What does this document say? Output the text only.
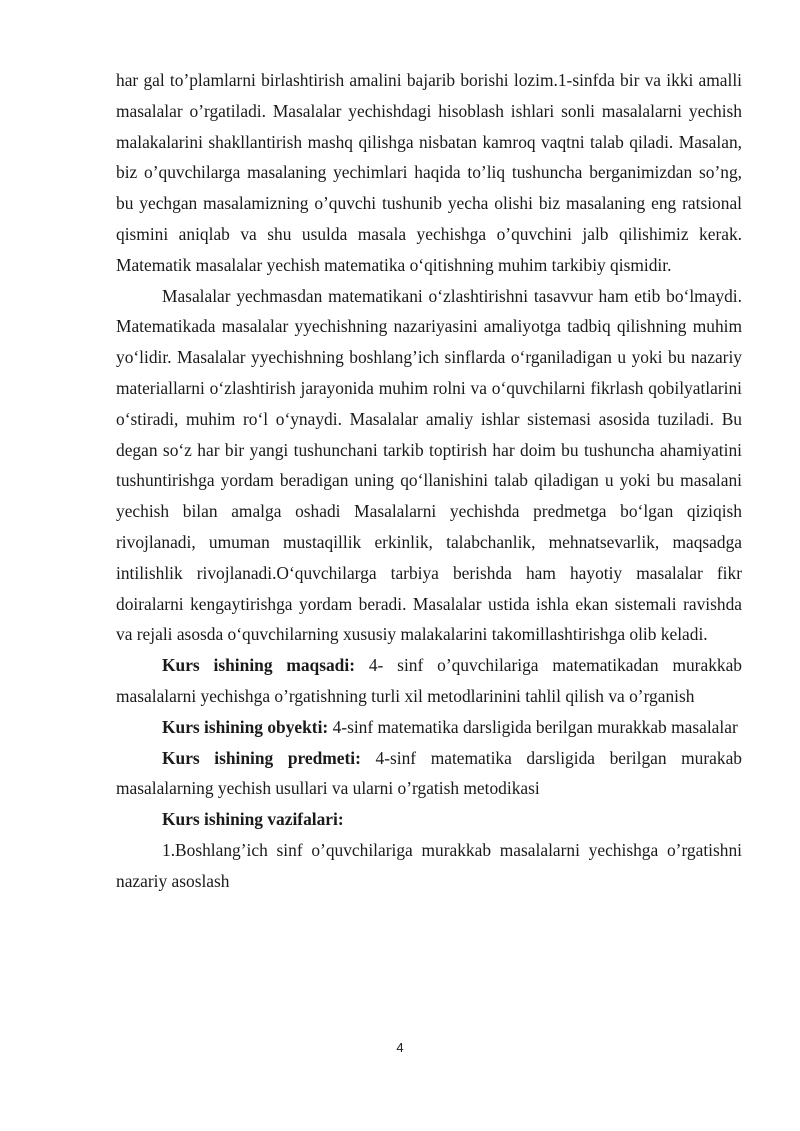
har gal to’plamlarni birlashtirish amalini bajarib borishi lozim.1-sinfda bir va ikki amalli masalalar o’rgatiladi. Masalalar yechishdagi hisoblash ishlari sonli masalalarni yechish malakalarini shakllantirish mashq qilishga nisbatan kamroq vaqtni talab qiladi. Masalan, biz o’quvchilarga masalaning yechimlari haqida to’liq tushuncha berganimizdan so’ng, bu yechgan masalamizning o’quvchi tushunib yecha olishi biz masalaning eng ratsional qismini aniqlab va shu usulda masala yechishga o’quvchini jalb qilishimiz kerak. Matematik masalalar yechish matematika o‘qitishning muhim tarkibiy qismidir.

Masalalar yechmasdan matematikani o‘zlashtirishni tasavvur ham etib bo‘lmaydi. Matematikada masalalar yyechishning nazariyasini amaliyotga tadbiq qilishning muhim yo‘lidir. Masalalar yyechishning boshlang’ich sinflarda o‘rganiladigan u yoki bu nazariy materiallarni o‘zlashtirish jarayonida muhim rolni va o‘quvchilarni fikrlash qobilyatlarini o‘stiradi, muhim ro‘l o‘ynaydi. Masalalar amaliy ishlar sistemasi asosida tuziladi. Bu degan so‘z har bir yangi tushunchani tarkib toptirish har doim bu tushuncha ahamiyatini tushuntirishga yordam beradigan uning qo‘llanishini talab qiladigan u yoki bu masalani yechish bilan amalga oshadi Masalalarni yechishda predmetga bo‘lgan qiziqish rivojlanadi, umuman mustaqillik erkinlik, talabchanlik, mehnatsevarlik, maqsadga intilishlik rivojlanadi.O‘quvchilarga tarbiya berishda ham hayotiy masalalar fikr doiralarni kengaytirishga yordam beradi. Masalalar ustida ishla ekan sistemali ravishda va rejali asosda o‘quvchilarning xususiy malakalarini takomillashtirishga olib keladi.

Kurs ishining maqsadi: 4- sinf o’quvchilariga matematikadan murakkab masalalarni yechishga o’rgatishning turli xil metodlarinini tahlil qilish va o’rganish

Kurs ishining obyekti: 4-sinf matematika darsligida berilgan murakkab masalalar

Kurs ishining predmeti: 4-sinf matematika darsligida berilgan murakab masalalarning yechish usullari va ularni o’rgatish metodikasi

Kurs ishining vazifalari:

1.Boshlang’ich sinf o’quvchilariga murakkab masalalarni yechishga o’rgatishni nazariy asoslash

4
